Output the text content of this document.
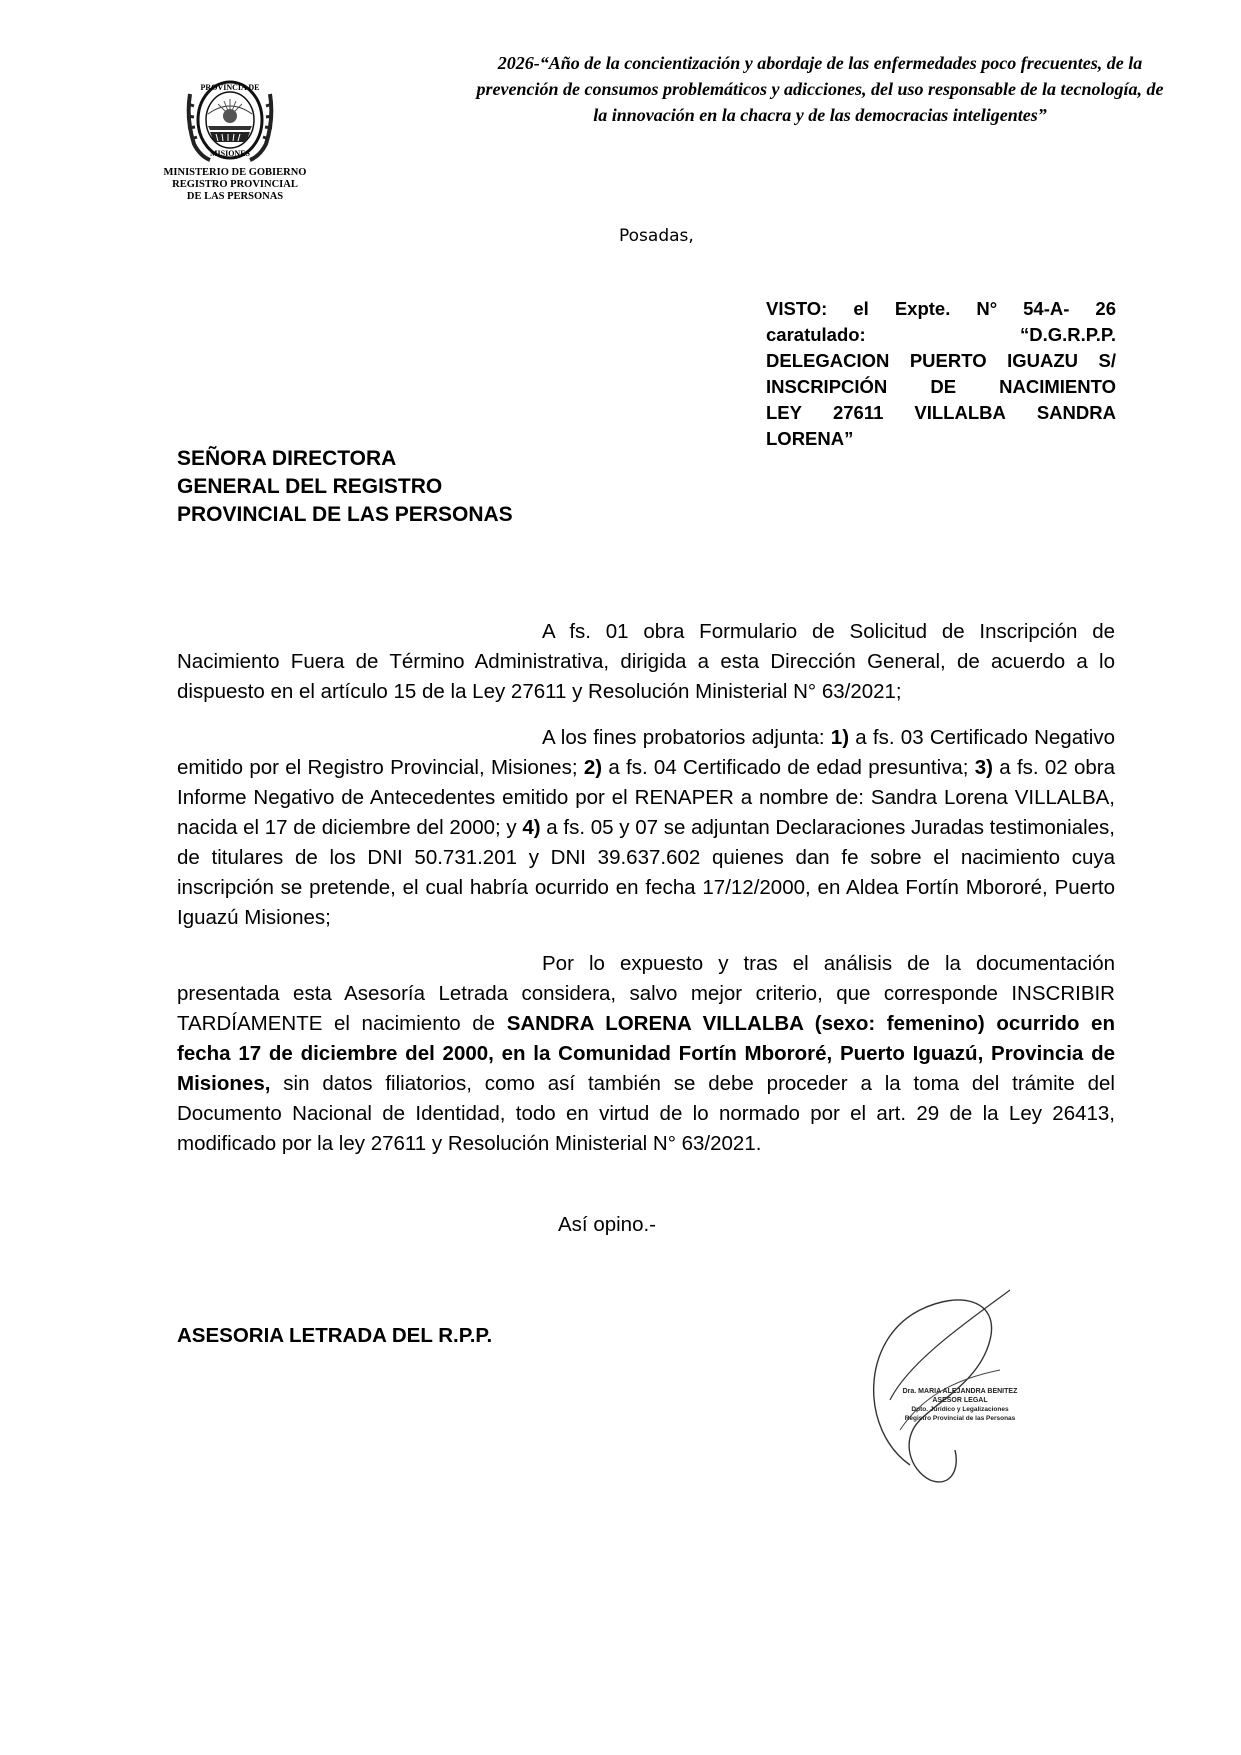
PROVINCIA DE
MISIONES
MINISTERIO DE GOBIERNO
REGISTRO PROVINCIAL
DE LAS PERSONAS
2026-“Año de la concientización y abordaje de las enfermedades poco frecuentes, de la prevención de consumos problemáticos y adicciones, del uso responsable de la tecnología, de la innovación en la chacra y de las democracias inteligentes”
Posadas,
VISTO: el Expte. N° 54-A- 26
caratulado:	“D.G.R.P.P.
DELEGACION PUERTO IGUAZU S/
INSCRIPCIÓN DE NACIMIENTO
LEY 27611 VILLALBA SANDRA
LORENA”
SEÑORA DIRECTORA
GENERAL DEL REGISTRO
PROVINCIAL DE LAS PERSONAS
A fs. 01 obra Formulario de Solicitud de Inscripción de Nacimiento Fuera de Término Administrativa, dirigida a esta Dirección General, de acuerdo a lo dispuesto en el artículo 15 de la Ley 27611 y Resolución Ministerial N° 63/2021;
A los fines probatorios adjunta: 1) a fs. 03 Certificado Negativo emitido por el Registro Provincial, Misiones; 2) a fs. 04 Certificado de edad presuntiva; 3) a fs. 02 obra Informe Negativo de Antecedentes emitido por el RENAPER a nombre de: Sandra Lorena VILLALBA, nacida el 17 de diciembre del 2000; y 4) a fs. 05 y 07 se adjuntan Declaraciones Juradas testimoniales, de titulares de los DNI 50.731.201 y DNI 39.637.602 quienes dan fe sobre el nacimiento cuya inscripción se pretende, el cual habría ocurrido en fecha 17/12/2000, en Aldea Fortín Mbororé, Puerto Iguazú Misiones;
Por lo expuesto y tras el análisis de la documentación presentada esta Asesoría Letrada considera, salvo mejor criterio, que corresponde INSCRIBIR TARDÍAMENTE el nacimiento de SANDRA LORENA VILLALBA (sexo: femenino) ocurrido en fecha 17 de diciembre del 2000, en la Comunidad Fortín Mbororé, Puerto Iguazú, Provincia de Misiones, sin datos filiatorios, como así también se debe proceder a la toma del trámite del Documento Nacional de Identidad, todo en virtud de lo normado por el art. 29 de la Ley 26413, modificado por la ley 27611 y Resolución Ministerial N° 63/2021.
Así opino.-
ASESORIA LETRADA DEL R.P.P.
Dra. MARIA ALEJANDRA BENITEZ
ASESOR LEGAL
Dpto. Jurídico y Legalizaciones
Registro Provincial de las Personas
